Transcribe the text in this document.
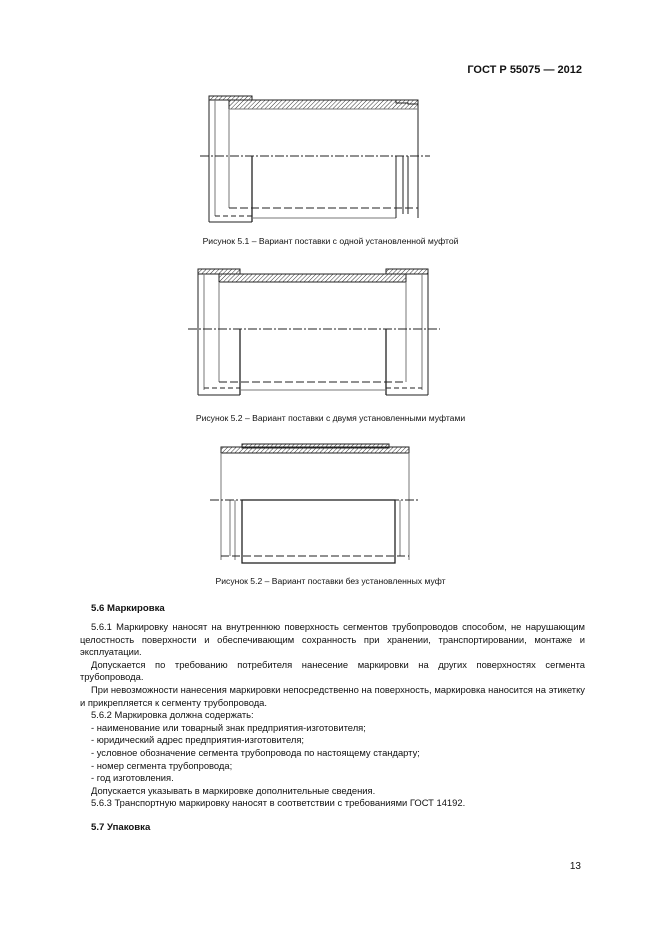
ГОСТ Р 55075 — 2012
Рисунок 5.1 – Вариант поставки с одной установленной муфтой
Рисунок 5.2 – Вариант поставки с двумя установленными муфтами
Рисунок 5.2 – Вариант поставки без установленных муфт
5.6 Маркировка

5.6.1 Маркировку наносят на внутреннюю поверхность сегментов трубопроводов способом, не нарушающим целостность поверхности и обеспечивающим сохранность при хранении, транспортировании, монтаже и эксплуатации.

Допускается по требованию потребителя нанесение маркировки на других поверхностях сегмента трубопровода.

При невозможности нанесения маркировки непосредственно на поверхность, маркировка наносится на этикетку и прикрепляется к сегменту трубопровода.

5.6.2 Маркировка должна содержать:

- наименование или товарный знак предприятия-изготовителя;

- юридический адрес предприятия-изготовителя;

- условное обозначение сегмента трубопровода по настоящему стандарту;

- номер сегмента трубопровода;

- год изготовления.

Допускается указывать в маркировке дополнительные сведения.

5.6.3 Транспортную маркировку наносят в соответствии с требованиями ГОСТ 14192.

5.7 Упаковка
13
